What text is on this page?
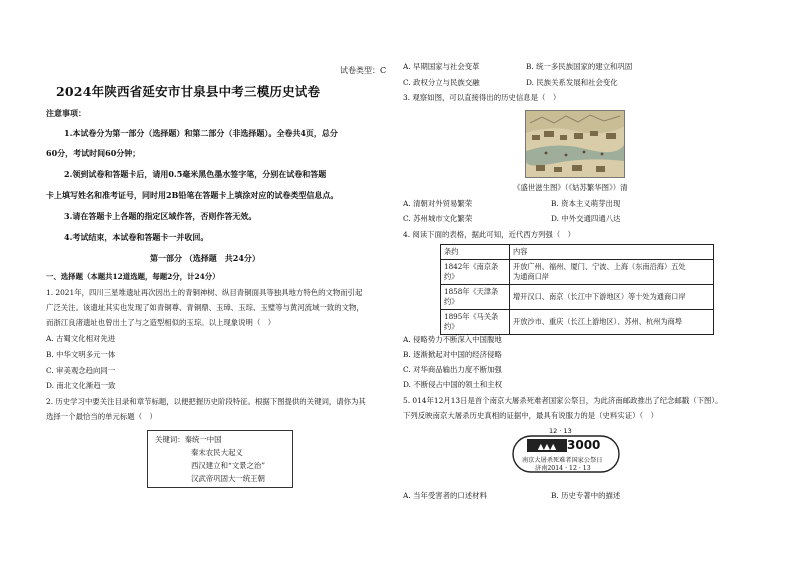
试卷类型：C
2024年陕西省延安市甘泉县中考三模历史试卷
注意事项：
1.本试卷分为第一部分（选择题）和第二部分（非选择题）。全卷共4页，总分
60分，考试时间60分钟；
2.领到试卷和答题卡后，请用0.5毫米黑色墨水签字笔，分别在试卷和答题
卡上填写姓名和准考证号，同时用2B铅笔在答题卡上填涂对应的试卷类型信息点。
3.请在答题卡上各题的指定区域作答，否则作答无效。
4.考试结束，本试卷和答题卡一并收回。
第一部分 （选择题　共24分）
一、选择题（本题共12道选题，每题2分，计24分）
1. 2021年，四川三星堆遗址再次因出土的青铜神树、纵目青铜面具等独具地方特色的文物而引起
广泛关注。该遗址其实也发现了如青铜尊、青铜鼎、玉璋、玉琮、玉璧等与黄河流域一致的文物，
而浙江良渚遗址也曾出土了与之造型相似的玉琮。以上现象说明（　）
A. 古蜀文化相对先进
B. 中华文明多元一体
C. 审美观念趋向同一
D. 南北文化渐趋一致
2. 历史学习中要关注目录和章节标题，以便把握历史阶段特征。根据下图提供的关键词，请你为其
选择一个最恰当的单元标题（　）
关键词：秦统一中国
秦末农民大起义
西汉建立和“文景之治”
汉武帝巩固大一统王朝
A. 早期国家与社会变革	B. 统一多民族国家的建立和巩固
C. 政权分立与民族交融	D. 民族关系发展和社会变化
3. 观察如图，可以直接得出的历史信息是（　）
《盛世滋生图》（《姑苏繁华图》）清
A. 清朝对外贸易繁荣	B. 资本主义萌芽出现
C. 苏州城市文化繁荣	D. 中外交通四通八达
4. 阅读下面的表格，据此可知，近代西方列强（　）
条约	内容
1842年《南京条约》	开放广州、福州、厦门、宁波、上海（东南沿海）五处
为通商口岸

1858年《天津条约》	增开汉口、南京（长江中下游地区）等十处为通商口岸
1895年《马关条约》	开放沙市、重庆（长江上游地区）、苏州、杭州为商埠
A. 侵略势力不断深入中国腹地
B. 逐渐掀起对中国的经济侵略
C. 对华商品输出力度不断加强
D. 不断侵占中国的领土和主权
5. 014年12月13日是首个南京大屠杀死难者国家公祭日，为此济南邮政推出了纪念邮戳（下图）。
下列反映南京大屠杀历史真相的证据中，最具有说服力的是（史料实证）（　）
▲▲▲
12 · 13
3000
南京大屠杀死难者国家公祭日
济南2014 · 12 · 13
A. 当年受害者的口述材料	B. 历史专著中的描述
